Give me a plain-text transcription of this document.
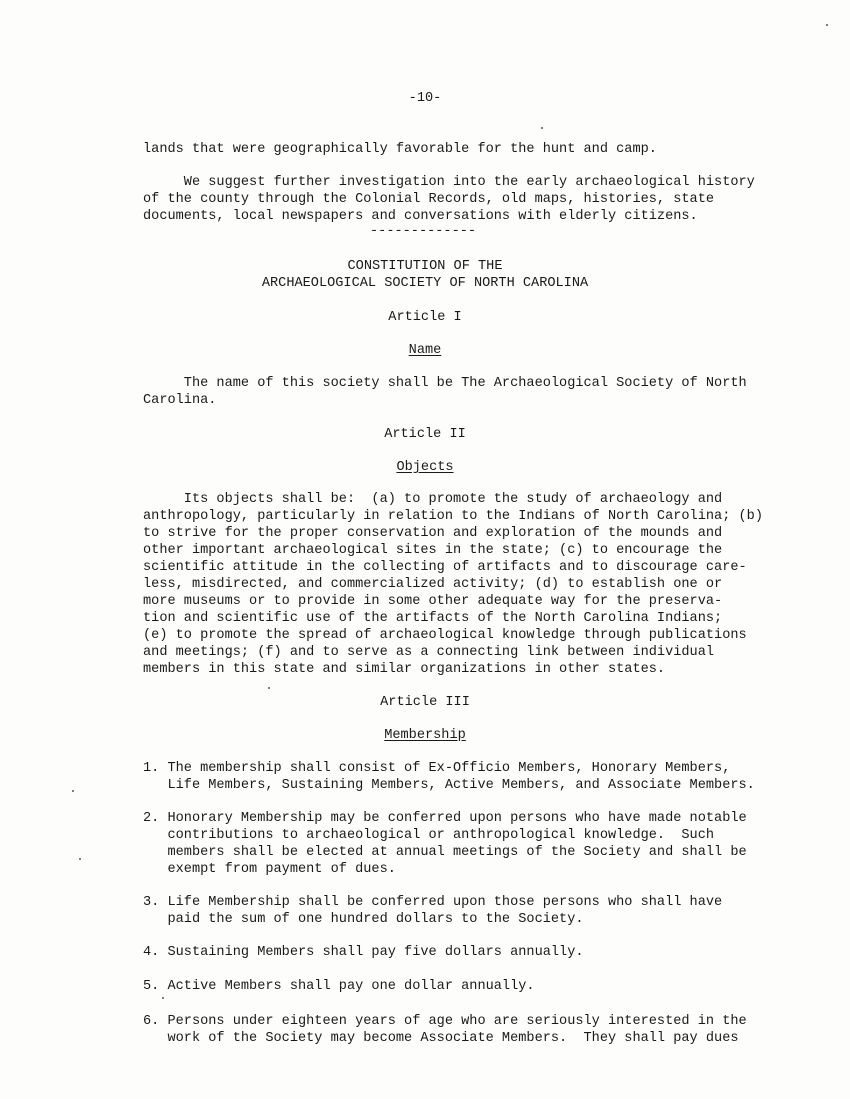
-10-
lands that were geographically favorable for the hunt and camp.
We suggest further investigation into the early archaeological history
of the county through the Colonial Records, old maps, histories, state
documents, local newspapers and conversations with elderly citizens.
-------------
CONSTITUTION OF THE
ARCHAEOLOGICAL SOCIETY OF NORTH CAROLINA
Article I
Name
The name of this society shall be The Archaeological Society of North
Carolina.
Article II
Objects
Its objects shall be:  (a) to promote the study of archaeology and
anthropology, particularly in relation to the Indians of North Carolina; (b)
to strive for the proper conservation and exploration of the mounds and
other important archaeological sites in the state; (c) to encourage the
scientific attitude in the collecting of artifacts and to discourage care-
less, misdirected, and commercialized activity; (d) to establish one or
more museums or to provide in some other adequate way for the preserva-
tion and scientific use of the artifacts of the North Carolina Indians;
(e) to promote the spread of archaeological knowledge through publications
and meetings; (f) and to serve as a connecting link between individual
members in this state and similar organizations in other states.
Article III
Membership
1. The membership shall consist of Ex-Officio Members, Honorary Members,
Life Members, Sustaining Members, Active Members, and Associate Members.
2. Honorary Membership may be conferred upon persons who have made notable
contributions to archaeological or anthropological knowledge.  Such
members shall be elected at annual meetings of the Society and shall be
exempt from payment of dues.
3. Life Membership shall be conferred upon those persons who shall have
paid the sum of one hundred dollars to the Society.
4. Sustaining Members shall pay five dollars annually.
5. Active Members shall pay one dollar annually.
6. Persons under eighteen years of age who are seriously interested in the
work of the Society may become Associate Members.  They shall pay dues
